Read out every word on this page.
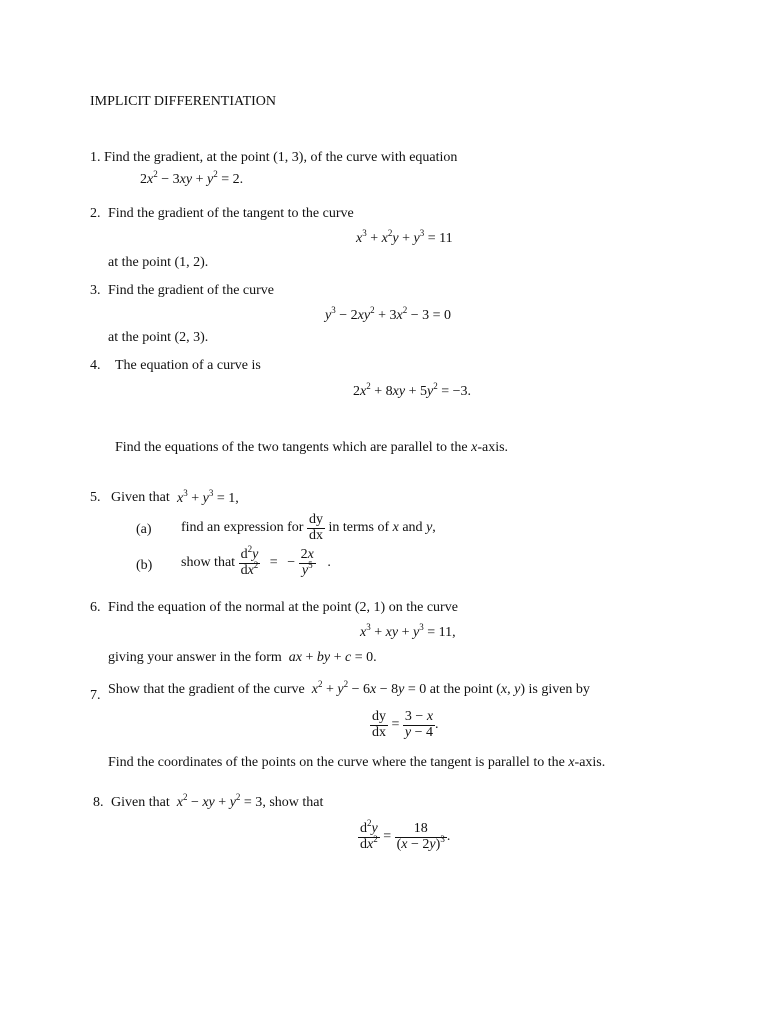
IMPLICIT DIFFERENTIATION
1. Find the gradient, at the point (1, 3), of the curve with equation
$2x^2 - 3xy + y^2 = 2$.
2. Find the gradient of the tangent to the curve
$x^3 + x^2y + y^3 = 11$
at the point (1, 2).
3. Find the gradient of the curve
$y^3 - 2xy^2 + 3x^2 - 3 = 0$
at the point (2, 3).
4. The equation of a curve is
$2x^2 + 8xy + 5y^2 = -3$.
Find the equations of the two tangents which are parallel to the x-axis.
5. Given that $x^3 + y^3 = 1$,
(a) find an expression for $\frac{dy}{dx}$ in terms of x and y,
(b) show that $\frac{d^2y}{dx^2}$ = − $\frac{2x}{y^5}$ .
6. Find the equation of the normal at the point (2, 1) on the curve
$x^3$ + xy + $y^3 = 11$,
giving your answer in the form ax + by + c = 0.
7. Show that the gradient of the curve $x^2 + y^2 - 6x - 8y = 0$ at the point (x, y) is given by
$\frac{dy}{dx} = \frac{3 - x}{y - 4}$ .
Find the coordinates of the points on the curve where the tangent is parallel to the x-axis.
8. Given that $x^2$ − xy + $y^2 = 3$, show that
$\frac{d^2y}{dx^2} = \frac{18}{(x - 2y)^3}$ .
